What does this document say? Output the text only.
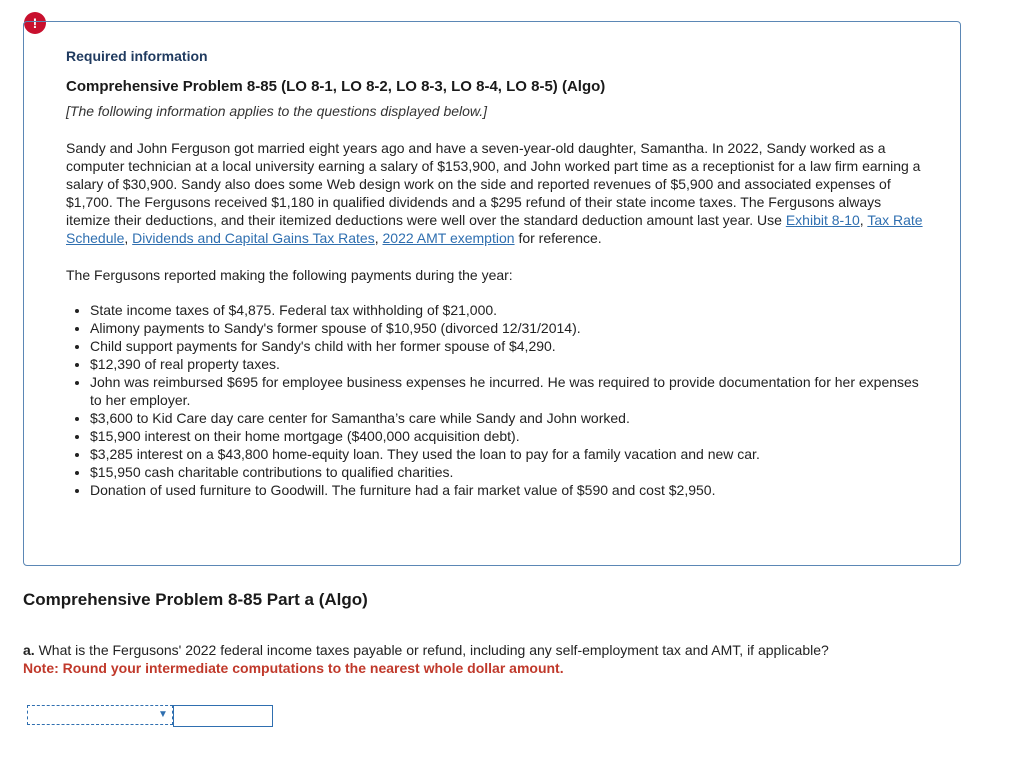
!

Required information

Comprehensive Problem 8-85 (LO 8-1, LO 8-2, LO 8-3, LO 8-4, LO 8-5) (Algo)

[The following information applies to the questions displayed below.]

Sandy and John Ferguson got married eight years ago and have a seven-year-old daughter, Samantha. In 2022, Sandy worked as a computer technician at a local university earning a salary of $153,900, and John worked part time as a receptionist for a law firm earning a salary of $30,900. Sandy also does some Web design work on the side and reported revenues of $5,900 and associated expenses of $1,700. The Fergusons received $1,180 in qualified dividends and a $295 refund of their state income taxes. The Fergusons always itemize their deductions, and their itemized deductions were well over the standard deduction amount last year. Use Exhibit 8-10, Tax Rate Schedule, Dividends and Capital Gains Tax Rates, 2022 AMT exemption for reference.

The Fergusons reported making the following payments during the year:

• State income taxes of $4,875. Federal tax withholding of $21,000.
• Alimony payments to Sandy's former spouse of $10,950 (divorced 12/31/2014).
• Child support payments for Sandy's child with her former spouse of $4,290.
• $12,390 of real property taxes.
• John was reimbursed $695 for employee business expenses he incurred. He was required to provide documentation for her expenses to her employer.
• $3,600 to Kid Care day care center for Samantha’s care while Sandy and John worked.
• $15,900 interest on their home mortgage ($400,000 acquisition debt).
• $3,285 interest on a $43,800 home-equity loan. They used the loan to pay for a family vacation and new car.
• $15,950 cash charitable contributions to qualified charities.
• Donation of used furniture to Goodwill. The furniture had a fair market value of $590 and cost $2,950.
Comprehensive Problem 8-85 Part a (Algo)

a. What is the Fergusons' 2022 federal income taxes payable or refund, including any self-employment tax and AMT, if applicable?
Note: Round your intermediate computations to the nearest whole dollar amount.

▼
